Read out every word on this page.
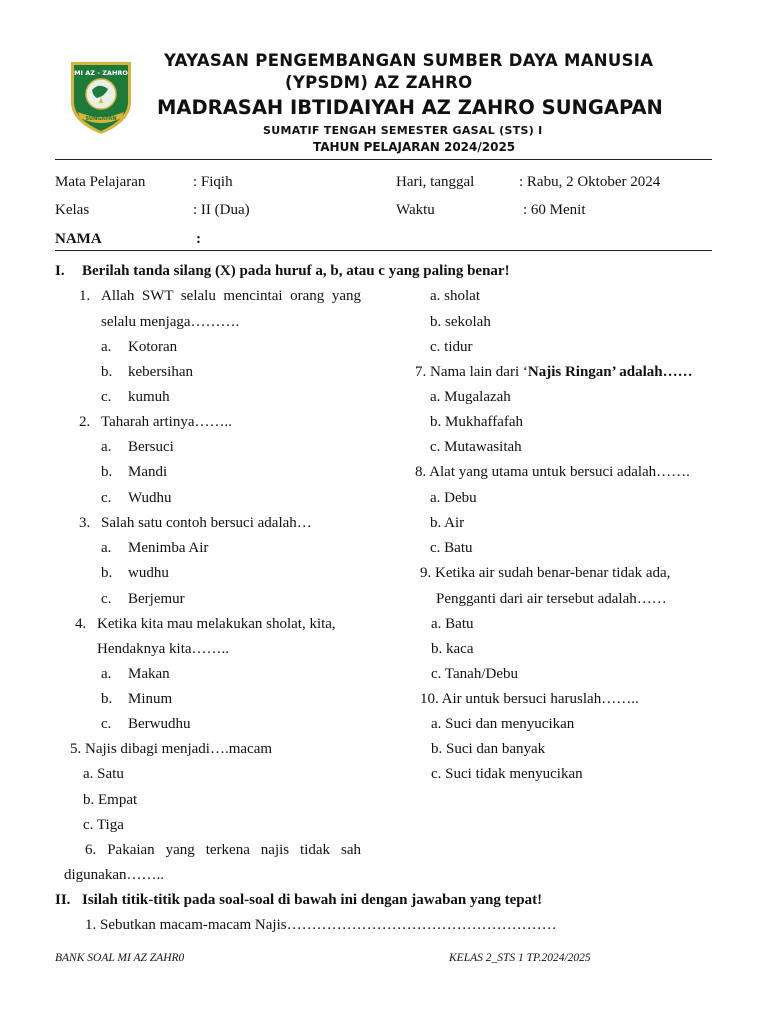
MI AZ - ZAHRO
SUNGAPAN
YAYASAN PENGEMBANGAN SUMBER DAYA MANUSIA
(YPSDM) AZ ZAHRO
MADRASAH IBTIDAIYAH AZ ZAHRO SUNGAPAN
SUMATIF TENGAH SEMESTER GASAL (STS) I
TAHUN PELAJARAN 2024/2025
Mata Pelajaran	: Fiqih	Hari, tanggal	: Rabu, 2 Oktober 2024
Kelas	: II (Dua)	Waktu	: 60 Menit
NAMA	:
I. Berilah tanda silang (X) pada huruf a, b, atau c yang paling benar!
1. Allah SWT selalu mencintai orang yang
selalu menjaga……….
a. Kotoran
b. kebersihan
c. kumuh
2. Taharah artinya……..
a. Bersuci
b. Mandi
c. Wudhu
3. Salah satu contoh bersuci adalah…
a. Menimba Air
b. wudhu
c. Berjemur
4. Ketika kita mau melakukan sholat, kita,
Hendaknya kita……..
a. Makan
b. Minum
c. Berwudhu
5. Najis dibagi menjadi….macam
a. Satu
b. Empat
c. Tiga
6. Pakaian yang terkena najis tidak sah
digunakan……..
a. sholat
b. sekolah
c. tidur
7. Nama lain dari ‘Najis Ringan’ adalah……
a. Mugalazah
b. Mukhaffafah
c. Mutawasitah
8. Alat yang utama untuk bersuci adalah…….
a. Debu
b. Air
c. Batu
9. Ketika air sudah benar-benar tidak ada,
Pengganti dari air tersebut adalah……
a. Batu
b. kaca
c. Tanah/Debu
10. Air untuk bersuci haruslah……..
a. Suci dan menyucikan
b. Suci dan banyak
c. Suci tidak menyucikan
II. Isilah titik-titik pada soal-soal di bawah ini dengan jawaban yang tepat!
1. Sebutkan macam-macam Najis………………………………………………
BANK SOAL MI AZ ZAHR0	KELAS 2_STS 1 TP.2024/2025
